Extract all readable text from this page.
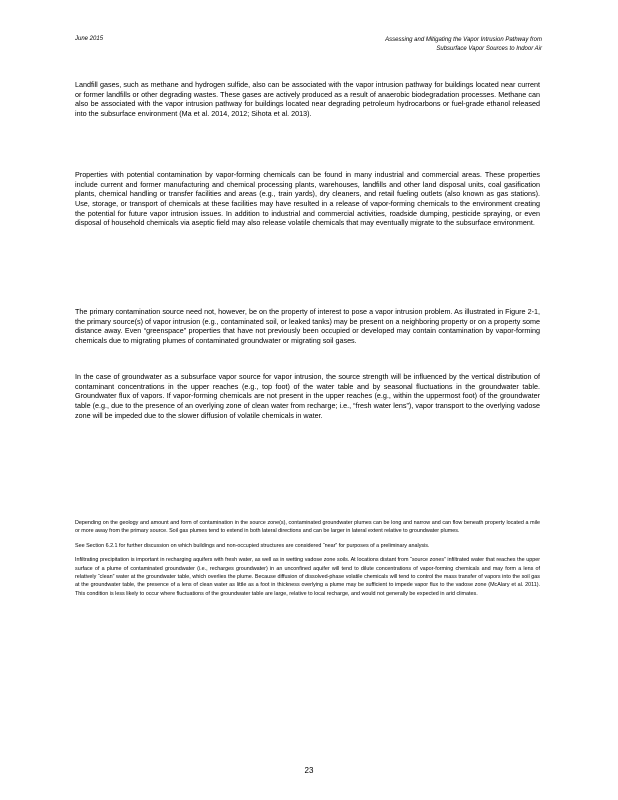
June 2015	Assessing and Mitigating the Vapor Intrusion Pathway from
Subsurface Vapor Sources to Indoor Air

Landfill gases, such as methane and hydrogen sulfide, also can be associated with the vapor intrusion pathway for buildings located near current or former landfills or other degrading wastes. These gases are actively produced as a result of anaerobic biodegradation processes. Methane can also be associated with the vapor intrusion pathway for buildings located near degrading petroleum hydrocarbons or fuel-grade ethanol released into the subsurface environment (Ma et al. 2014, 2012; Sihota et al. 2013).

Properties with potential contamination by vapor-forming chemicals can be found in many industrial and commercial areas. These properties include current and former manufacturing and chemical processing plants, warehouses, landfills and other land disposal units, coal gasification plants, chemical handling or transfer facilities and areas (e.g., train yards), dry cleaners, and retail fueling outlets (also known as gas stations). Use, storage, or transport of chemicals at these facilities may have resulted in a release of vapor-forming chemicals to the environment creating the potential for future vapor intrusion issues. In addition to industrial and commercial activities, roadside dumping, pesticide spraying, or even disposal of household chemicals via aseptic field may also release volatile chemicals that may eventually migrate to the subsurface environment.

The primary contamination source need not, however, be on the property of interest to pose a vapor intrusion problem. As illustrated in Figure 2-1, the primary source(s) of vapor intrusion (e.g., contaminated soil, or leaked tanks) may be present on a neighboring property or on a property some distance away. Even “greenspace” properties that have not previously been occupied or developed may contain contamination by vapor-forming chemicals due to migrating plumes of contaminated groundwater or migrating soil gases.

In the case of groundwater as a subsurface vapor source for vapor intrusion, the source strength will be influenced by the vertical distribution of contaminant concentrations in the upper reaches (e.g., top foot) of the water table and by seasonal fluctuations in the groundwater table. Groundwater flux of vapors. If vapor-forming chemicals are not present in the upper reaches (e.g., within the uppermost foot) of the groundwater table (e.g., due to the presence of an overlying zone of clean water from recharge; i.e., “fresh water lens”), vapor transport to the overlying vadose zone will be impeded due to the slower diffusion of volatile chemicals in water.

Depending on the geology and amount and form of contamination in the source zone(s), contaminated groundwater plumes can be long and narrow and can flow beneath property located a mile or more away from the primary source. Soil gas plumes tend to extend in both lateral directions and can be larger in lateral extent relative to groundwater plumes.

See Section 6.2.1 for further discussion on which buildings and non-occupied structures are considered “near” for purposes of a preliminary analysis.

Infiltrating precipitation is important in recharging aquifers with fresh water, as well as in wetting vadose zone soils. At locations distant from “source zones” infiltrated water that reaches the upper surface of a plume of contaminated groundwater (i.e., recharges groundwater) in an unconfined aquifer will tend to dilute concentrations of vapor-forming chemicals and may form a lens of relatively “clean” water at the groundwater table, which overlies the plume. Because diffusion of dissolved-phase volatile chemicals will tend to control the mass transfer of vapors into the soil gas at the groundwater table, the presence of a lens of clean water as little as a foot in thickness overlying a plume may be sufficient to impede vapor flux to the vadose zone (McAlary et al. 2011). This condition is less likely to occur where fluctuations of the groundwater table are large, relative to local recharge, and would not generally be expected in arid climates.

23
